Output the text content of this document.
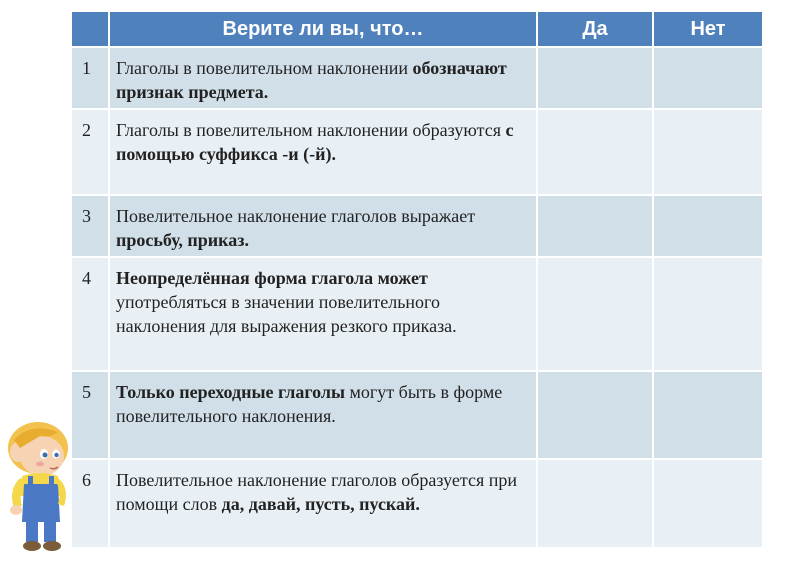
	Верите ли вы, что…	Да	Нет
1	Глаголы в повелительном наклонении обозначают признак предмета.		
2	Глаголы в повелительном наклонении образуются с помощью суффикса -и (-й).		
3	Повелительное наклонение глаголов выражает просьбу, приказ.		
4	Неопределённая форма глагола может употребляться в значении повелительного наклонения для выражения резкого приказа.		
5	Только переходные глаголы могут быть в форме повелительного наклонения.		
6	Повелительное наклонение глаголов образуется при помощи слов да, давай, пусть, пускай.		
